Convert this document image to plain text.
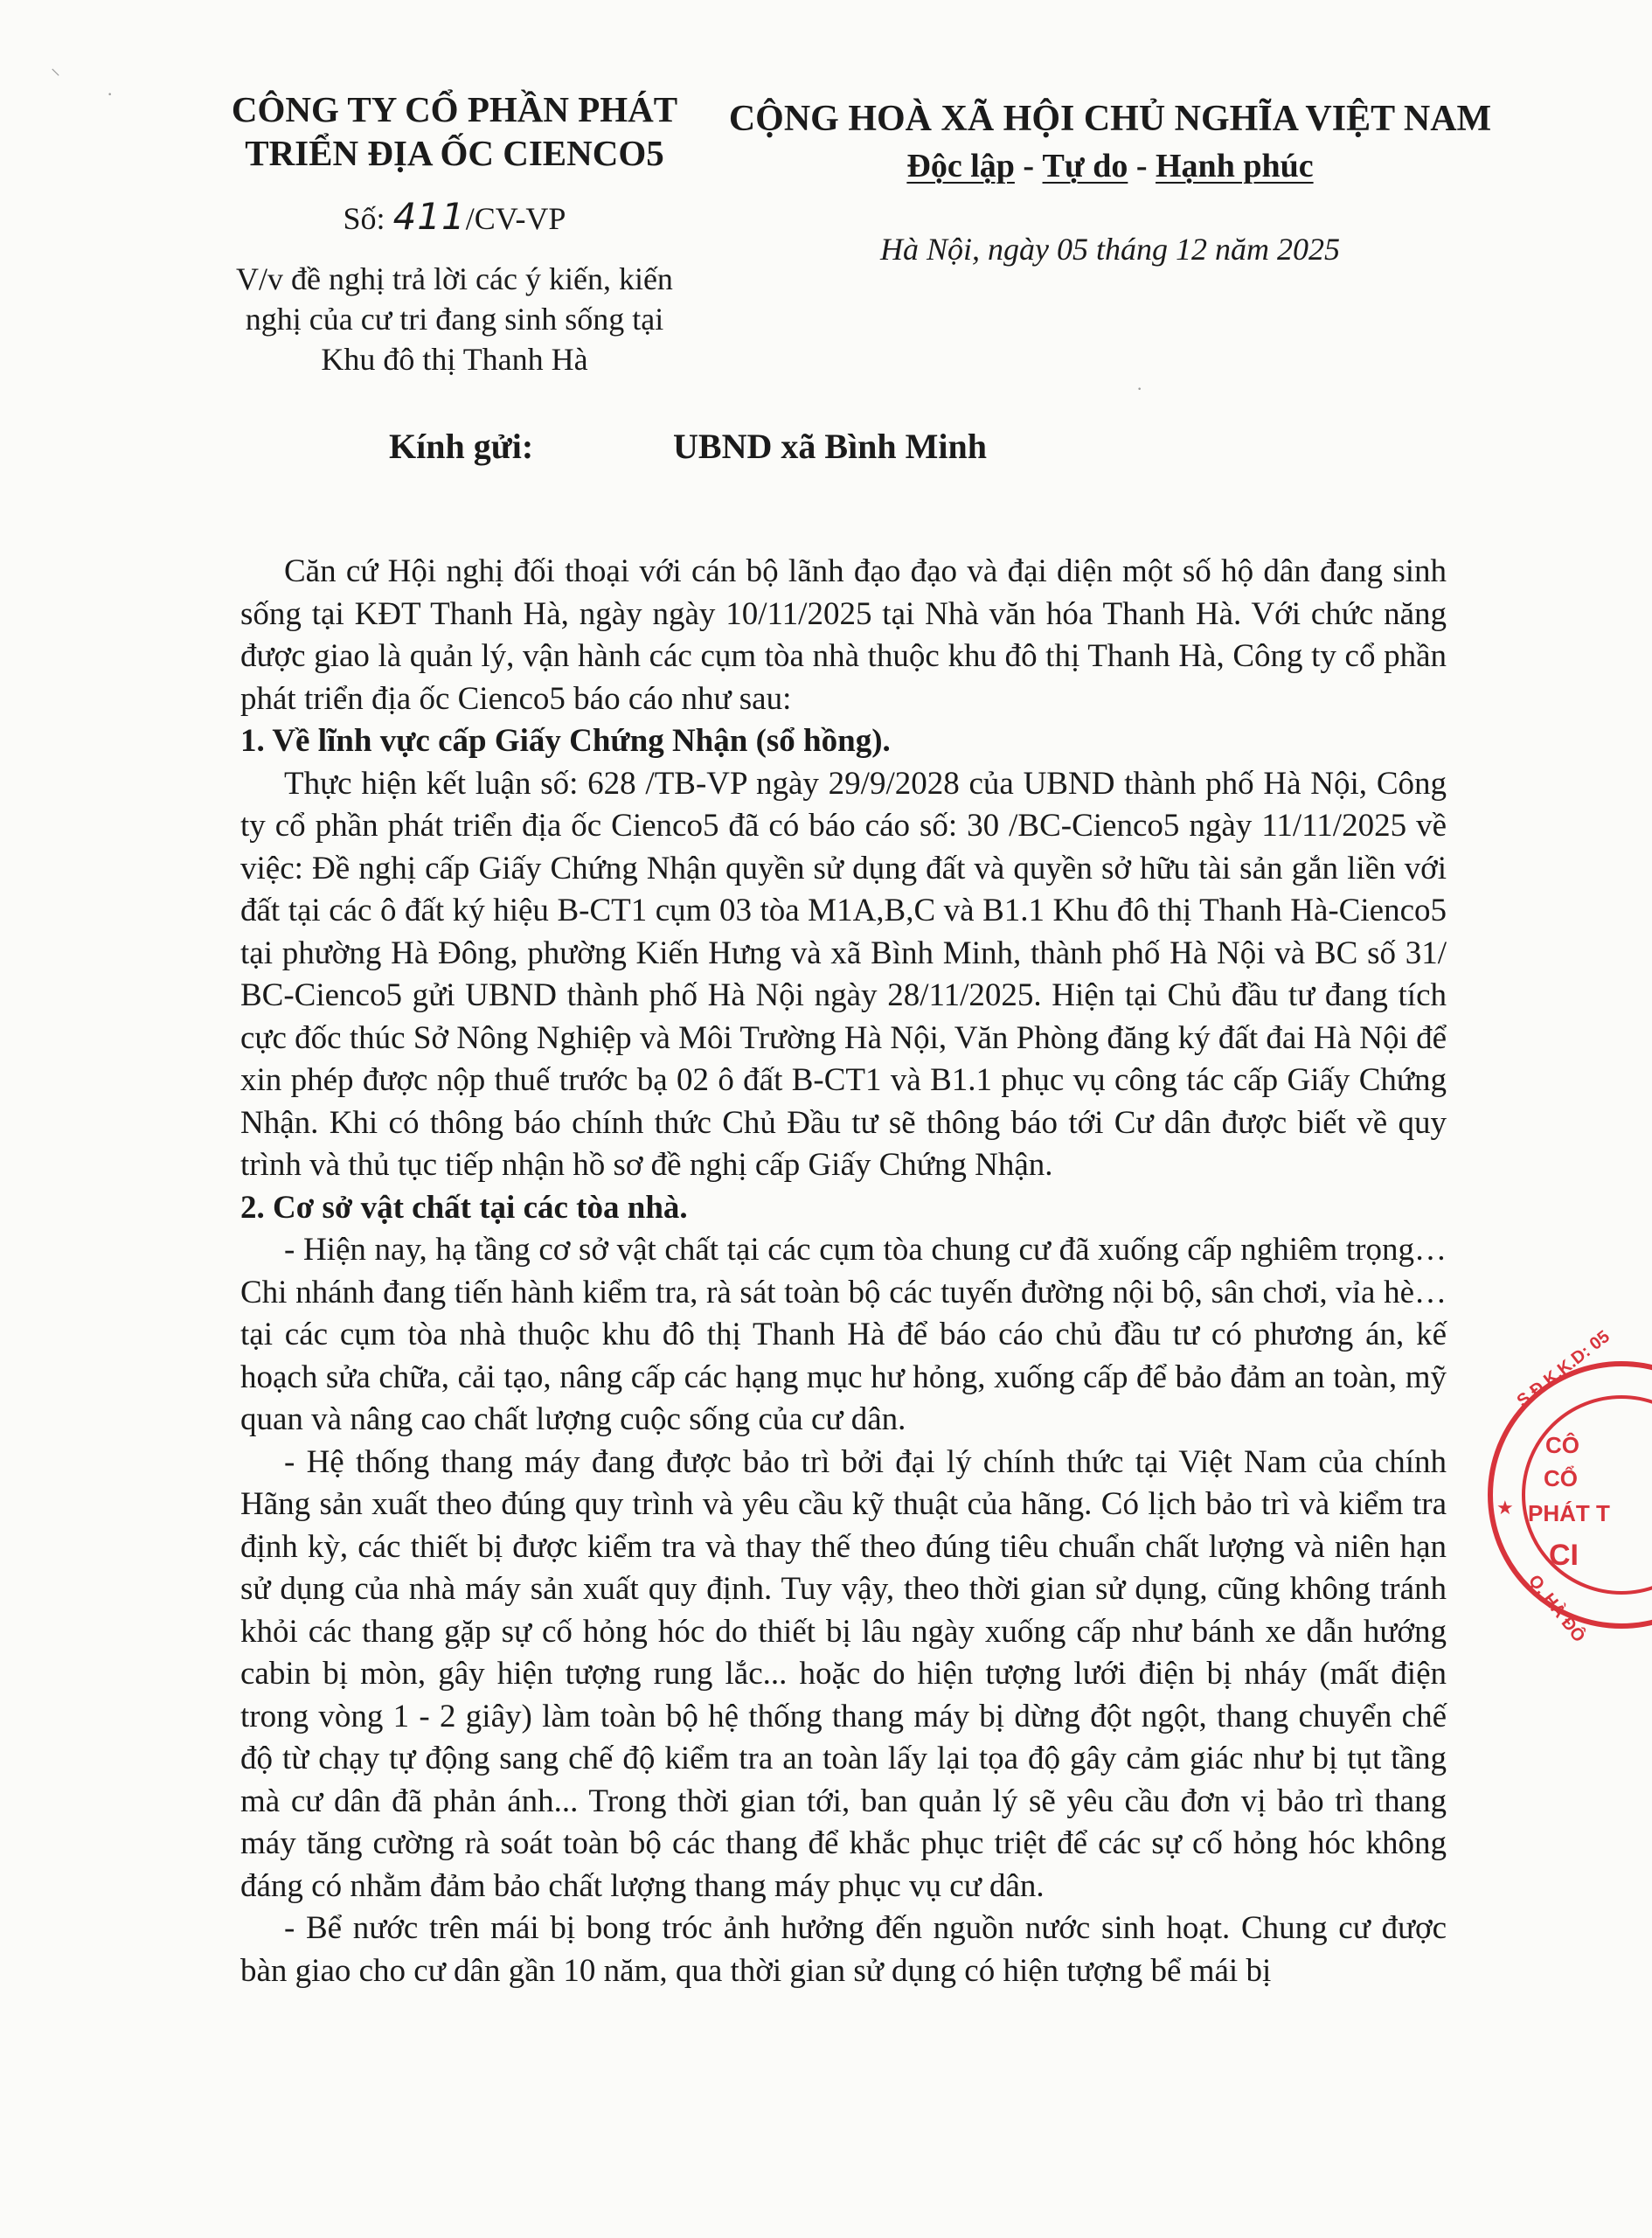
⸜
·
·

CÔNG TY CỔ PHẦN PHÁT

TRIỂN ĐỊA ỐC CIENCO5

Số: 411/CV-VP
V/v đề nghị trả lời các ý kiến, kiến
nghị của cư tri đang sinh sống tại
Khu đô thị Thanh Hà

CỘNG HOÀ XÃ HỘI CHỦ NGHĨA VIỆT NAM

Độc lập - Tự do - Hạnh phúc
Hà Nội, ngày 05 tháng 12 năm 2025
Kính gửi:	UBND xã Bình Minh

Căn cứ Hội nghị đối thoại với cán bộ lãnh đạo đạo và đại diện một số hộ dân đang sinh sống tại KĐT Thanh Hà, ngày ngày 10/11/2025 tại Nhà văn hóa Thanh Hà. Với chức năng được giao là quản lý, vận hành các cụm tòa nhà thuộc khu đô thị Thanh Hà, Công ty cổ phần phát triển địa ốc Cienco5 báo cáo như sau:

1. Về lĩnh vực cấp Giấy Chứng Nhận (sổ hồng).

Thực hiện kết luận số: 628 /TB-VP ngày 29/9/2028 của UBND thành phố Hà Nội, Công ty cổ phần phát triển địa ốc Cienco5 đã có báo cáo số: 30 /BC-Cienco5 ngày 11/11/2025 về việc: Đề nghị cấp Giấy Chứng Nhận quyền sử dụng đất và quyền sở hữu tài sản gắn liền với đất tại các ô đất ký hiệu B-CT1 cụm 03 tòa M1A,B,C và B1.1 Khu đô thị Thanh Hà-Cienco5 tại phường Hà Đông, phường Kiến Hưng và xã Bình Minh, thành phố Hà Nội và BC số 31/ BC-Cienco5 gửi UBND thành phố Hà Nội ngày 28/11/2025. Hiện tại Chủ đầu tư đang tích cực đốc thúc Sở Nông Nghiệp và Môi Trường Hà Nội, Văn Phòng đăng ký đất đai Hà Nội để xin phép được nộp thuế trước bạ 02 ô đất B-CT1 và B1.1 phục vụ công tác cấp Giấy Chứng Nhận. Khi có thông báo chính thức Chủ Đầu tư sẽ thông báo tới Cư dân được biết về quy trình và thủ tục tiếp nhận hồ sơ đề nghị cấp Giấy Chứng Nhận.

2. Cơ sở vật chất tại các tòa nhà.

- Hiện nay, hạ tầng cơ sở vật chất tại các cụm tòa chung cư đã xuống cấp nghiêm trọng… Chi nhánh đang tiến hành kiểm tra, rà sát toàn bộ các tuyến đường nội bộ, sân chơi, vỉa hè… tại các cụm tòa nhà thuộc khu đô thị Thanh Hà để báo cáo chủ đầu tư có phương án, kế hoạch sửa chữa, cải tạo, nâng cấp các hạng mục hư hỏng, xuống cấp để bảo đảm an toàn, mỹ quan và nâng cao chất lượng cuộc sống của cư dân.

- Hệ thống thang máy đang được bảo trì bởi đại lý chính thức tại Việt Nam của chính Hãng sản xuất theo đúng quy trình và yêu cầu kỹ thuật của hãng. Có lịch bảo trì và kiểm tra định kỳ, các thiết bị được kiểm tra và thay thế theo đúng tiêu chuẩn chất lượng và niên hạn sử dụng của nhà máy sản xuất quy định. Tuy vậy, theo thời gian sử dụng, cũng không tránh khỏi các thang gặp sự cố hỏng hóc do thiết bị lâu ngày xuống cấp như bánh xe dẫn hướng cabin bị mòn, gây hiện tượng rung lắc... hoặc do hiện tượng lưới điện bị nháy (mất điện trong vòng 1 - 2 giây) làm toàn bộ hệ thống thang máy bị dừng đột ngột, thang chuyển chế độ từ chạy tự động sang chế độ kiểm tra an toàn lấy lại tọa độ gây cảm giác như bị tụt tầng mà cư dân đã phản ánh... Trong thời gian tới, ban quản lý sẽ yêu cầu đơn vị bảo trì thang máy tăng cường rà soát toàn bộ các thang để khắc phục triệt để các sự cố hỏng hóc không đáng có nhằm đảm bảo chất lượng thang máy phục vụ cư dân.

- Bể nước trên mái bị bong tróc ảnh hưởng đến nguồn nước sinh hoạt. Chung cư được bàn giao cho cư dân gần 10 năm, qua thời gian sử dụng có hiện tượng bể mái bị

S.Đ.K.K.D: 05
CÔ
CỔ
PHÁT T
CI
Q. HÀ ĐÔ
★
